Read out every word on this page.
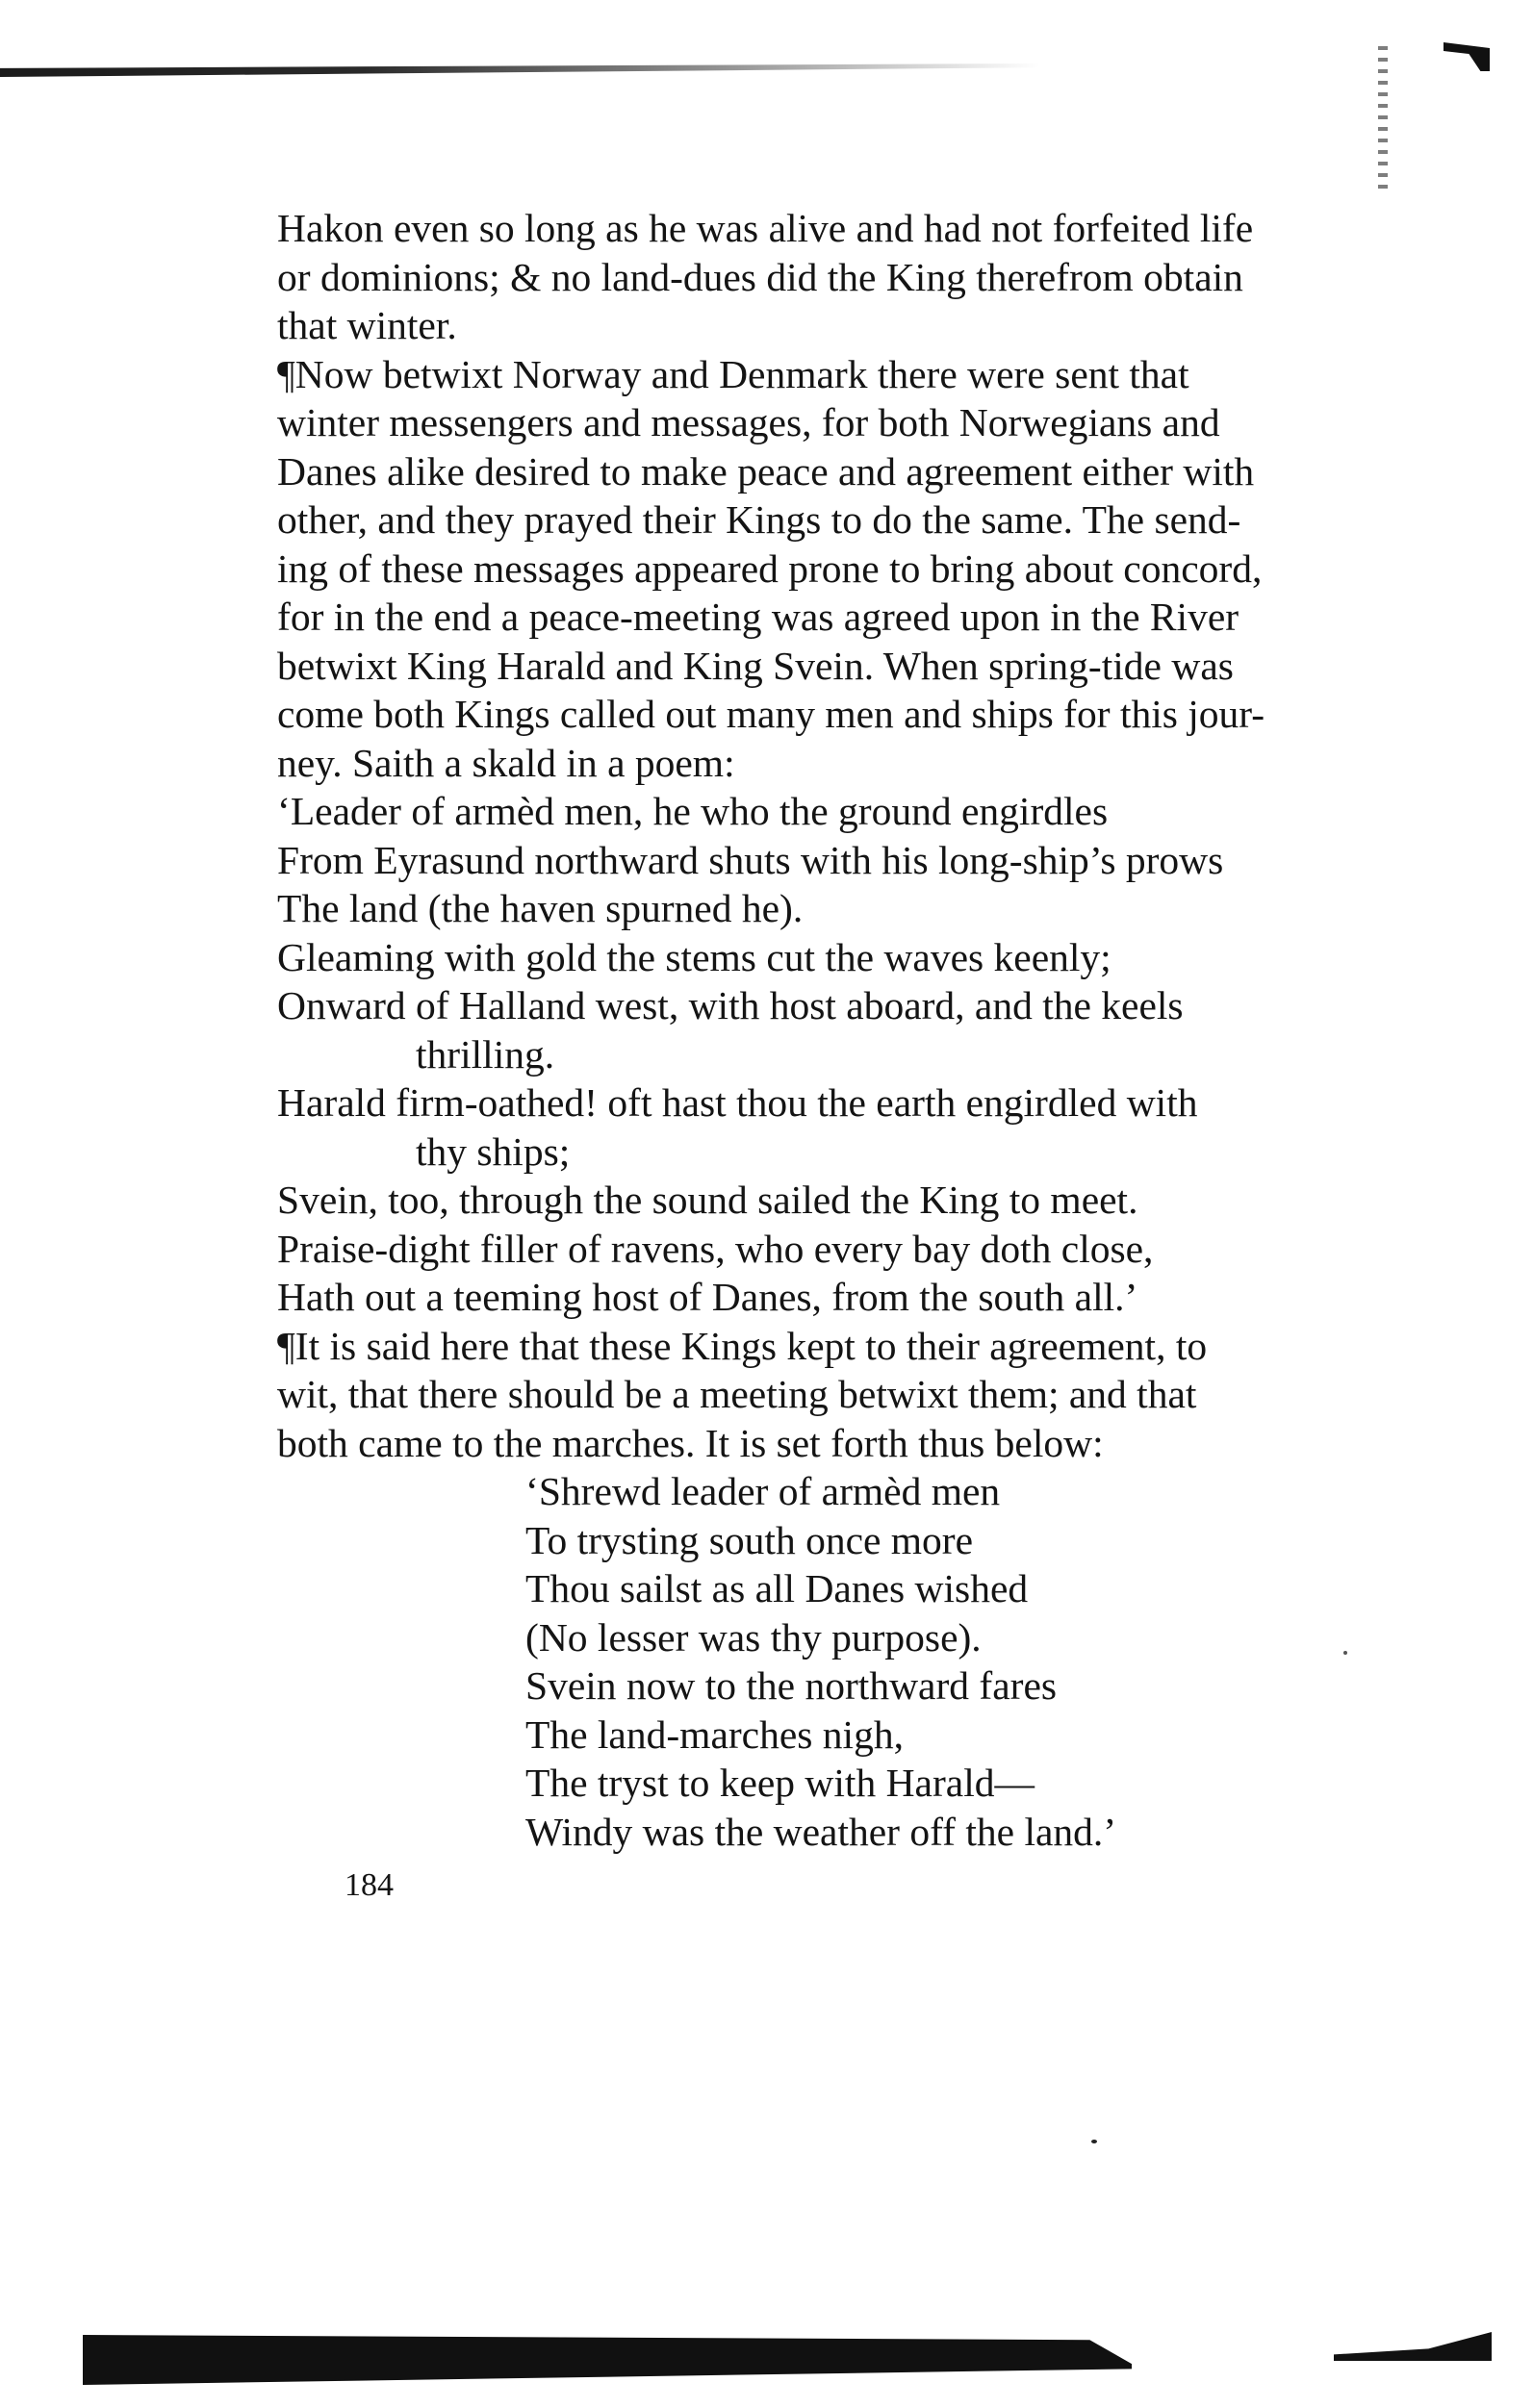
Hakon even so long as he was alive and had not forfeited life
or dominions; & no land-dues did the King therefrom obtain
that winter.
¶Now betwixt Norway and Denmark there were sent that
winter messengers and messages, for both Norwegians and
Danes alike desired to make peace and agreement either with
other, and they prayed their Kings to do the same. The send-
ing of these messages appeared prone to bring about concord,
for in the end a peace-meeting was agreed upon in the River
betwixt King Harald and King Svein. When spring-tide was
come both Kings called out many men and ships for this jour-
ney. Saith a skald in a poem:
‘Leader of armèd men, he who the ground engirdles
From Eyrasund northward shuts with his long-ship’s prows
The land (the haven spurned he).
Gleaming with gold the stems cut the waves keenly;
Onward of Halland west, with host aboard, and the keels
thrilling.
Harald firm-oathed! oft hast thou the earth engirdled with
thy ships;
Svein, too, through the sound sailed the King to meet.
Praise-dight filler of ravens, who every bay doth close,
Hath out a teeming host of Danes, from the south all.’
¶It is said here that these Kings kept to their agreement, to
wit, that there should be a meeting betwixt them; and that
both came to the marches. It is set forth thus below:
‘Shrewd leader of armèd men
To trysting south once more
Thou sailst as all Danes wished
(No lesser was thy purpose).
Svein now to the northward fares
The land-marches nigh,
The tryst to keep with Harald—
Windy was the weather off the land.’
184
